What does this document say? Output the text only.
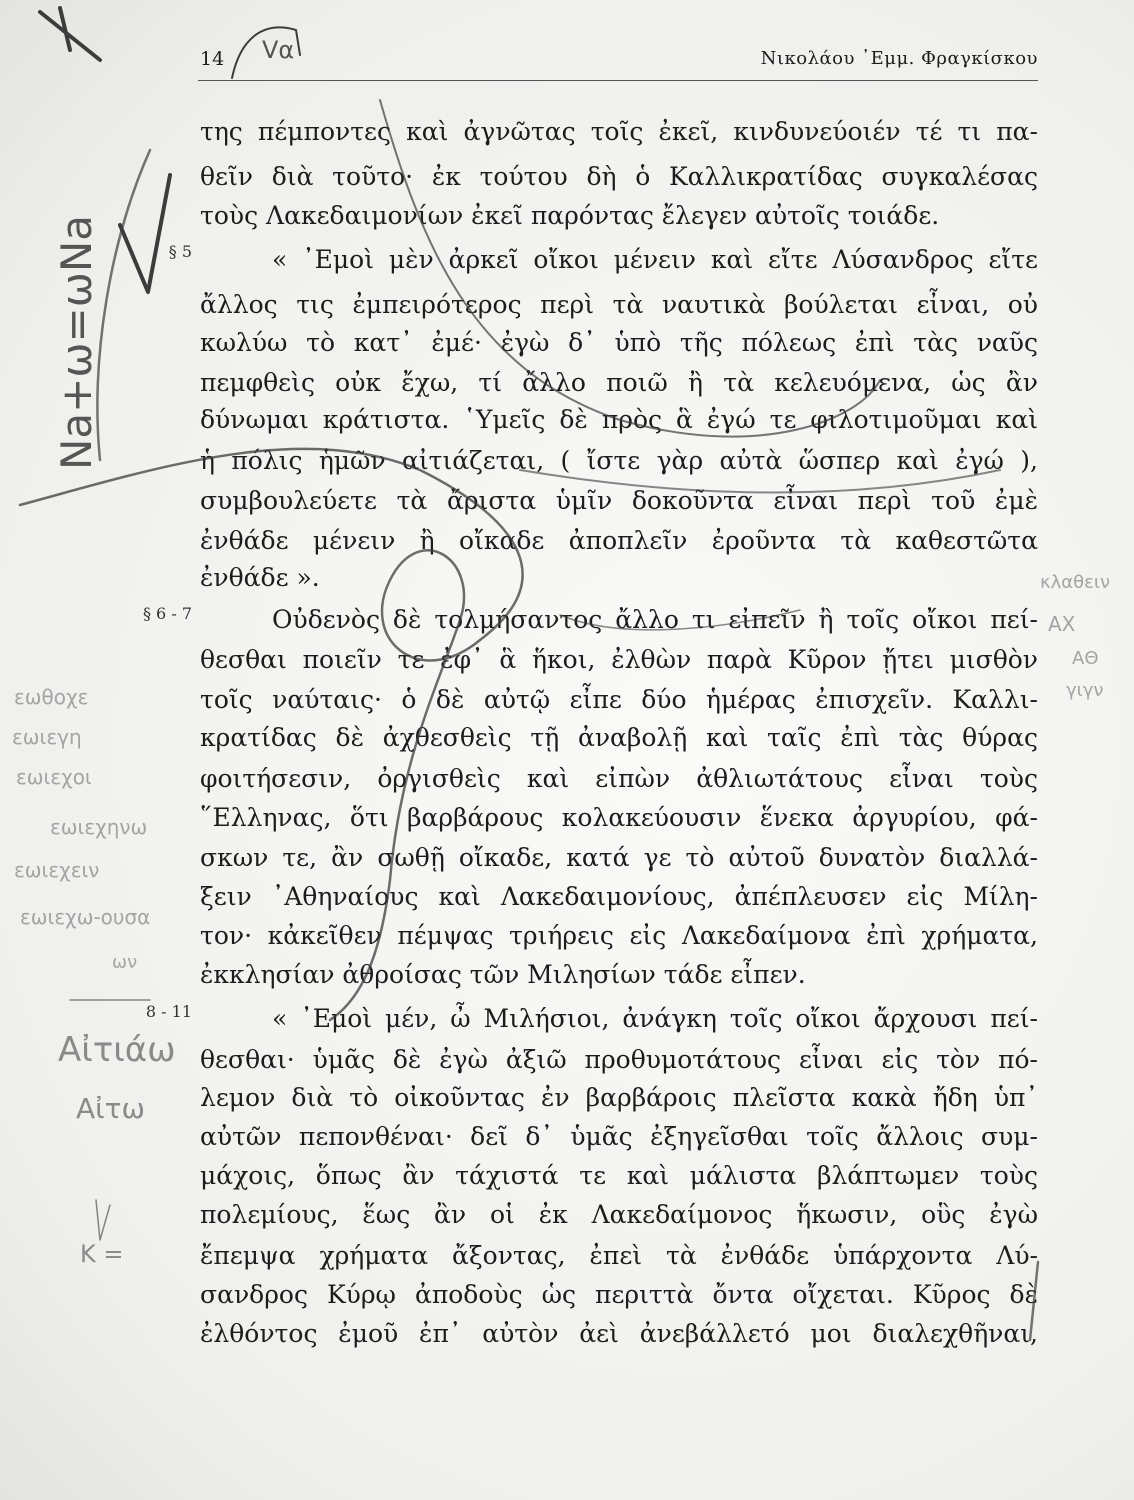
14	Νικολάου ᾿Εμμ. Φραγκίσκου
§ 5
§ 6 - 7
8 - 11
της πέμποντες καὶ ἀγνῶτας τοῖς ἐκεῖ, κινδυνεύοιέν τέ τι πα-
θεῖν διὰ τοῦτο· ἐκ τούτου δὴ ὁ Καλλικρατίδας συγκαλέσας
τοὺς Λακεδαιμονίων ἐκεῖ παρόντας ἔλεγεν αὐτοῖς τοιάδε.
« ᾿Εμοὶ μὲν ἀρκεῖ οἴκοι μένειν καὶ εἴτε Λύσανδρος εἴτε
ἄλλος τις ἐμπειρότερος περὶ τὰ ναυτικὰ βούλεται εἶναι, οὐ
κωλύω τὸ κατ᾿ ἐμέ· ἐγὼ δ᾿ ὑπὸ τῆς πόλεως ἐπὶ τὰς ναῦς
πεμφθεὶς οὐκ ἔχω, τί ἄλλο ποιῶ ἢ τὰ κελευόμενα, ὡς ἂν
δύνωμαι κράτιστα. ῾Υμεῖς δὲ πρὸς ἃ ἐγώ τε φιλοτιμοῦμαι καὶ
ἡ πόλις ἡμῶν αἰτιάζεται, ( ἴστε γὰρ αὐτὰ ὥσπερ καὶ ἐγώ ),
συμβουλεύετε τὰ ἄριστα ὑμῖν δοκοῦντα εἶναι περὶ τοῦ ἐμὲ
ἐνθάδε μένειν ἢ οἴκαδε ἀποπλεῖν ἐροῦντα τὰ καθεστῶτα
ἐνθάδε ».
Οὐδενὸς δὲ τολμήσαντος ἄλλο τι εἰπεῖν ἢ τοῖς οἴκοι πεί-
θεσθαι ποιεῖν τε ἐφ᾿ ἃ ἥκοι, ἐλθὼν παρὰ Κῦρον ᾔτει μισθὸν
τοῖς ναύταις· ὁ δὲ αὐτῷ εἶπε δύο ἡμέρας ἐπισχεῖν. Καλλι-
κρατίδας δὲ ἀχθεσθεὶς τῇ ἀναβολῇ καὶ ταῖς ἐπὶ τὰς θύρας
φοιτήσεσιν, ὀργισθεὶς καὶ εἰπὼν ἀθλιωτάτους εἶναι τοὺς
῞Ελληνας, ὅτι βαρβάρους κολακεύουσιν ἕνεκα ἀργυρίου, φά-
σκων τε, ἂν σωθῇ οἴκαδε, κατά γε τὸ αὐτοῦ δυνατὸν διαλλά-
ξειν ᾿Αθηναίους καὶ Λακεδαιμονίους, ἀπέπλευσεν εἰς Μίλη-
τον· κἀκεῖθεν πέμψας τριήρεις εἰς Λακεδαίμονα ἐπὶ χρήματα,
ἐκκλησίαν ἀθροίσας τῶν Μιλησίων τάδε εἶπεν.
« ᾿Εμοὶ μέν, ὦ Μιλήσιοι, ἀνάγκη τοῖς οἴκοι ἄρχουσι πεί-
θεσθαι· ὑμᾶς δὲ ἐγὼ ἀξιῶ προθυμοτάτους εἶναι εἰς τὸν πό-
λεμον διὰ τὸ οἰκοῦντας ἐν βαρβάροις πλεῖστα κακὰ ἤδη ὑπ᾿
αὐτῶν πεπονθέναι· δεῖ δ᾿ ὑμᾶς ἐξηγεῖσθαι τοῖς ἄλλοις συμ-
μάχοις, ὅπως ἂν τάχιστά τε καὶ μάλιστα βλάπτωμεν τοὺς
πολεμίους, ἕως ἂν οἱ ἐκ Λακεδαίμονος ἥκωσιν, οὓς ἐγὼ
ἔπεμψα χρήματα ἄξοντας, ἐπεὶ τὰ ἐνθάδε ὑπάρχοντα Λύ-
σανδρος Κύρῳ ἀποδοὺς ὡς περιττὰ ὄντα οἴχεται. Κῦρος δὲ
ἐλθόντος ἐμοῦ ἐπ᾿ αὐτὸν ἀεὶ ἀνεβάλλετό μοι διαλεχθῆναι,
Na+ω=ωNa
Vα
εωθοχε
εωιεγη
εωιεχοι
εωιεχηνω
εωιεχειν
εωιεχω-ουσα
ων
Αἰτιάω
Αἰτω
Κ =
κλαθειν
ΑΧ
ΑΘ
γιγν
